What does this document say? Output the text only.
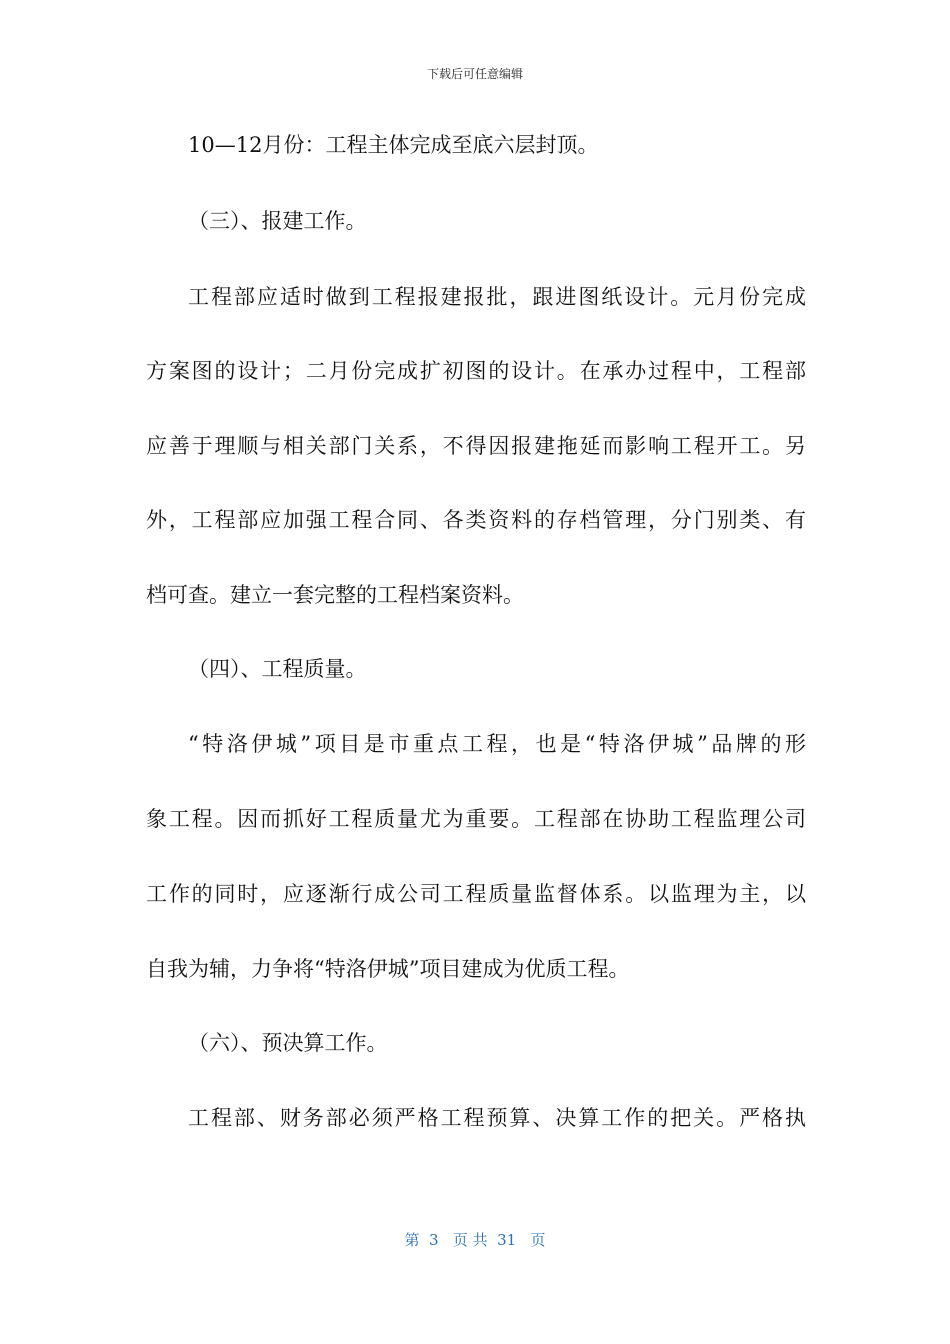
下载后可任意编辑
10—12月份：工程主体完成至底六层封顶。
（三）、报建工作。
工程部应适时做到工程报建报批，跟进图纸设计。元月份完成
方案图的设计；二月份完成扩初图的设计。在承办过程中，工程部
应善于理顺与相关部门关系，不得因报建拖延而影响工程开工。另
外，工程部应加强工程合同、各类资料的存档管理，分门别类、有
档可查。建立一套完整的工程档案资料。
（四）、工程质量。
“特洛伊城”项目是市重点工程，也是“特洛伊城”品牌的形
象工程。因而抓好工程质量尤为重要。工程部在协助工程监理公司
工作的同时，应逐渐行成公司工程质量监督体系。以监理为主，以
自我为辅，力争将“特洛伊城”项目建成为优质工程。
（六）、预决算工作。
工程部、财务部必须严格工程预算、决算工作的把关。严格执
第  3   页 共  31   页
